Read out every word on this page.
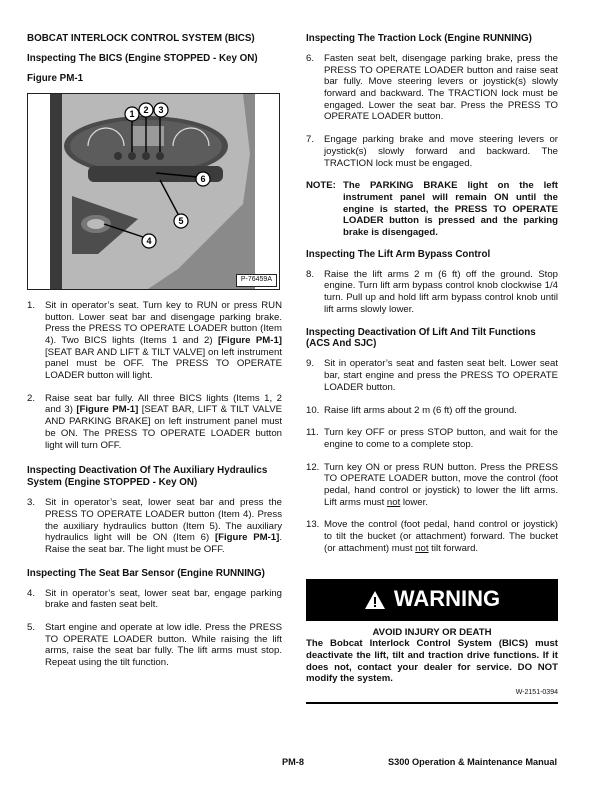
BOBCAT INTERLOCK CONTROL SYSTEM (BICS)
Inspecting The BICS (Engine STOPPED - Key ON)
Figure PM-1
1 2 3
4
5
6
P-76459A
1.	Sit in operator’s seat. Turn key to RUN or press RUN button. Lower seat bar and disengage parking brake. Press the PRESS TO OPERATE LOADER button (Item 4). Two BICS lights (Items 1 and 2) [Figure PM-1] [SEAT BAR AND LIFT & TILT VALVE] on left instrument panel must be OFF. The PRESS TO OPERATE LOADER button will light.
2.	Raise seat bar fully. All three BICS lights (Items 1, 2 and 3) [Figure PM-1] [SEAT BAR, LIFT & TILT VALVE AND PARKING BRAKE] on left instrument panel must be ON. The PRESS TO OPERATE LOADER button light will turn OFF.
Inspecting Deactivation Of The Auxiliary Hydraulics System (Engine STOPPED - Key ON)
3.	Sit in operator’s seat, lower seat bar and press the PRESS TO OPERATE LOADER button (Item 4). Press the auxiliary hydraulics button (Item 5). The auxiliary hydraulics light will be ON (Item 6) [Figure PM-1]. Raise the seat bar. The light must be OFF.
Inspecting The Seat Bar Sensor (Engine RUNNING)
4.	Sit in operator’s seat, lower seat bar, engage parking brake and fasten seat belt.
5.	Start engine and operate at low idle. Press the PRESS TO OPERATE LOADER button. While raising the lift arms, raise the seat bar fully. The lift arms must stop. Repeat using the tilt function.
Inspecting The Traction Lock (Engine RUNNING)
6.	Fasten seat belt, disengage parking brake, press the PRESS TO OPERATE LOADER button and raise seat bar fully. Move steering levers or joystick(s) slowly forward and backward. The TRACTION lock must be engaged. Lower the seat bar. Press the PRESS TO OPERATE LOADER button.
7.	Engage parking brake and move steering levers or joystick(s) slowly forward and backward. The TRACTION lock must be engaged.
NOTE: The PARKING BRAKE light on the left instrument panel will remain ON until the engine is started, the PRESS TO OPERATE LOADER button is pressed and the parking brake is disengaged.
Inspecting The Lift Arm Bypass Control
8.	Raise the lift arms 2 m (6 ft) off the ground. Stop engine. Turn lift arm bypass control knob clockwise 1/4 turn. Pull up and hold lift arm bypass control knob until lift arms slowly lower.
Inspecting Deactivation Of Lift And Tilt Functions (ACS And SJC)
9.	Sit in operator’s seat and fasten seat belt. Lower seat bar, start engine and press the PRESS TO OPERATE LOADER button.
10. Raise lift arms about 2 m (6 ft) off the ground.
11. Turn key OFF or press STOP button, and wait for the engine to come to a complete stop.
12. Turn key ON or press RUN button. Press the PRESS TO OPERATE LOADER button, move the control (foot pedal, hand control or joystick) to lower the lift arms. Lift arms must not lower.
13. Move the control (foot pedal, hand control or joystick) to tilt the bucket (or attachment) forward. The bucket (or attachment) must not tilt forward.
WARNING
AVOID INJURY OR DEATH
The Bobcat Interlock Control System (BICS) must deactivate the lift, tilt and traction drive functions. If it does not, contact your dealer for service. DO NOT modify the system.
W-2151-0394
PM-8	S300 Operation & Maintenance Manual
